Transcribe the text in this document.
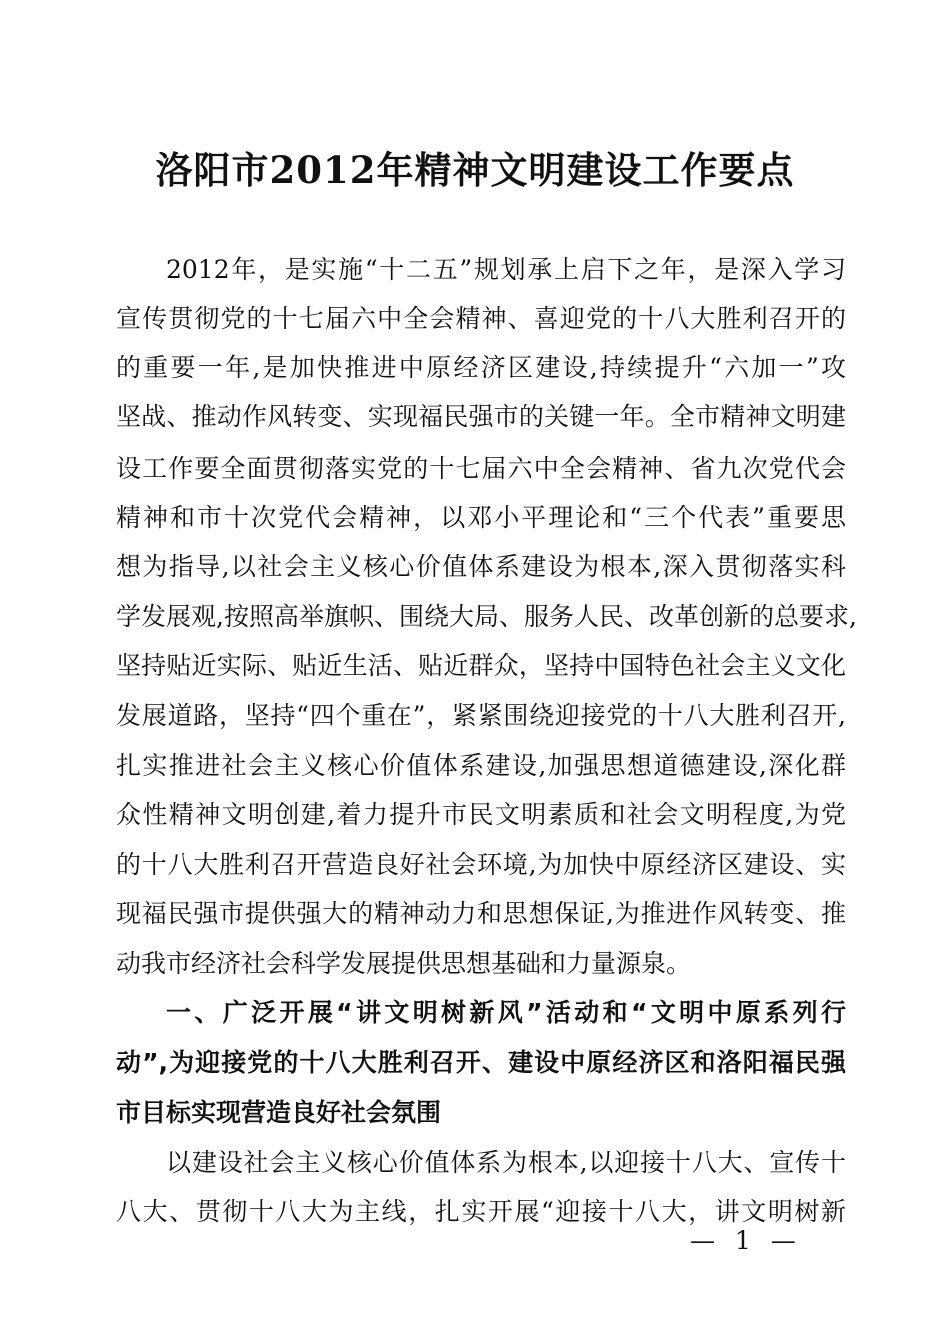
洛阳市2012年精神文明建设工作要点
2012年，是实施“十二五”规划承上启下之年，是深入学习
宣传贯彻党的十七届六中全会精神、喜迎党的十八大胜利召开的
的重要一年,是加快推进中原经济区建设,持续提升“六加一”攻
坚战、推动作风转变、实现福民强市的关键一年。全市精神文明建
设工作要全面贯彻落实党的十七届六中全会精神、省九次党代会
精神和市十次党代会精神，以邓小平理论和“三个代表”重要思
想为指导,以社会主义核心价值体系建设为根本,深入贯彻落实科
学发展观,按照高举旗帜、围绕大局、服务人民、改革创新的总要求,
坚持贴近实际、贴近生活、贴近群众，坚持中国特色社会主义文化
发展道路，坚持“四个重在”，紧紧围绕迎接党的十八大胜利召开,
扎实推进社会主义核心价值体系建设,加强思想道德建设,深化群
众性精神文明创建,着力提升市民文明素质和社会文明程度,为党
的十八大胜利召开营造良好社会环境,为加快中原经济区建设、实
现福民强市提供强大的精神动力和思想保证,为推进作风转变、推
动我市经济社会科学发展提供思想基础和力量源泉。
一、广泛开展“讲文明树新风”活动和“文明中原系列行
动”,为迎接党的十八大胜利召开、建设中原经济区和洛阳福民强
市目标实现营造良好社会氛围
以建设社会主义核心价值体系为根本,以迎接十八大、宣传十
八大、贯彻十八大为主线，扎实开展“迎接十八大，讲文明树新
— 1 —
